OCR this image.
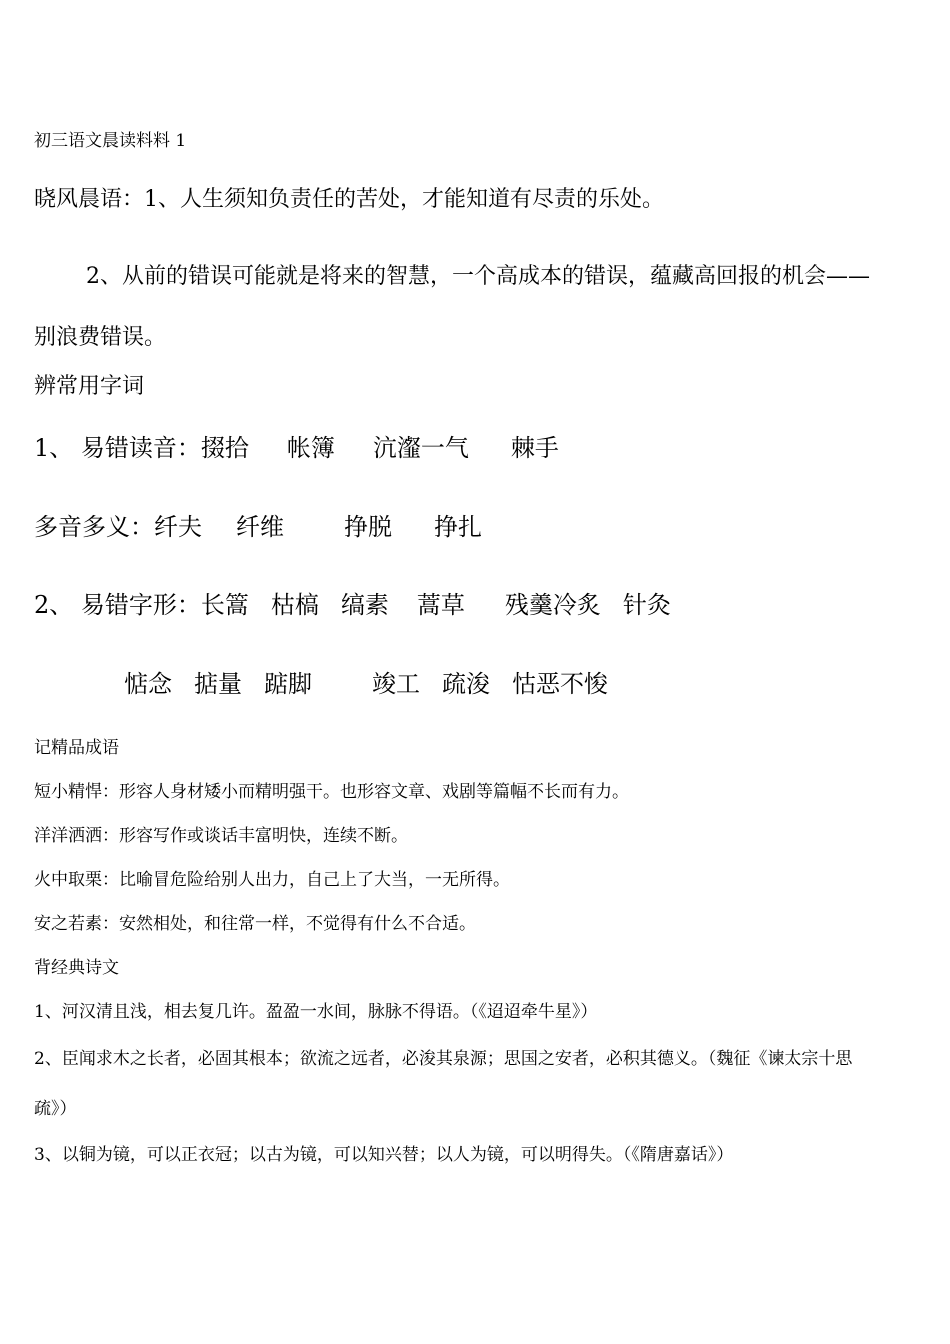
初三语文晨读料料 1

晓风晨语：1、人生须知负责任的苦处，才能知道有尽责的乐处。

2、从前的错误可能就是将来的智慧，一个高成本的错误，蕴藏高回报的机会——

别浪费错误。

辨常用字词

1、 易错读音：掇拾 帐簿 沆瀣一气 棘手

多音多义：纤夫 纤维	挣脱 挣扎

2、 易错字形：长篙 枯槁 缟素 蒿草 残羹冷炙 针灸

惦念 掂量 踮脚	竣工 疏浚 怙恶不悛

记精品成语

短小精悍：形容人身材矮小而精明强干。也形容文章、戏剧等篇幅不长而有力。

洋洋洒洒：形容写作或谈话丰富明快，连续不断。

火中取栗：比喻冒危险给别人出力，自己上了大当，一无所得。

安之若素：安然相处，和往常一样，不觉得有什么不合适。

背经典诗文

1、河汉清且浅，相去复几许。盈盈一水间，脉脉不得语。（《迢迢牵牛星》）

2、臣闻求木之长者，必固其根本；欲流之远者，必浚其泉源；思国之安者，必积其德义。（魏征《谏太宗十思

疏》）

3、以铜为镜，可以正衣冠；以古为镜，可以知兴替；以人为镜，可以明得失。（《隋唐嘉话》）
